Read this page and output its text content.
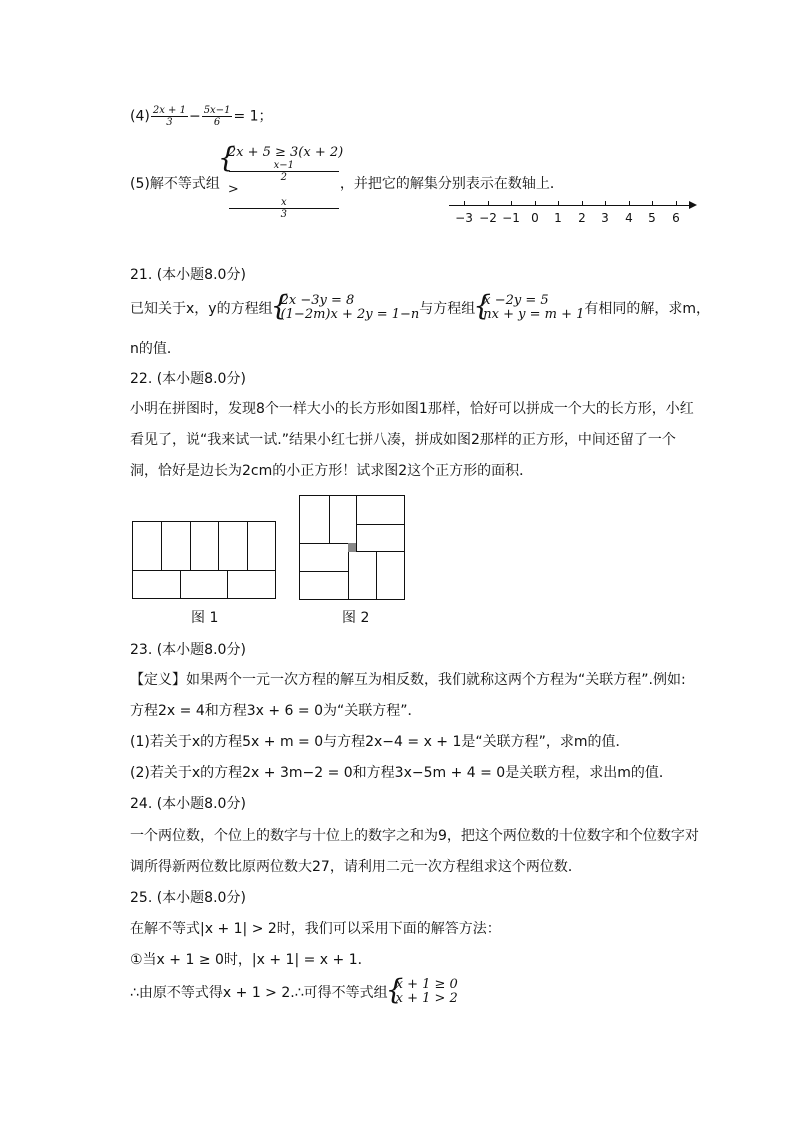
$(4) \frac{2x + 1}{3} - \frac{5x-1}{6} = 1$；
(5)解不等式组
{ 2x + 5 ≥ 3(x + 2)
x−1
2
>
x
3
，并把它的解集分别表示在数轴上．
−3 −2 −1 0 1 2 3 4 5 6
21. (本小题8.0分)
已知关于x，y的方程组
{ 2x −3y = 8
(1−2m)x + 2y = 1−n 与方程组
{ x −2y = 5
nx + y = m + 1 有相同的解，求m，
n的值．
22. (本小题8.0分)
小明在拼图时，发现8个一样大小的长方形如图1那样，恰好可以拼成一个大的长方形，小红
看见了，说“我来试一试.”结果小红七拼八凑，拼成如图2那样的正方形，中间还留了一个
洞，恰好是边长为2cm的小正方形！试求图2这个正方形的面积．
图 1	图 2
23. (本小题8.0分)
【定义】如果两个一元一次方程的解互为相反数，我们就称这两个方程为“关联方程”.例如:
方程2x = 4和方程3x + 6 = 0为“关联方程”．
(1)若关于x的方程5x + m = 0与方程2x−4 = x + 1是“关联方程”，求m的值．
(2)若关于x的方程2x + 3m−2 = 0和方程3x−5m + 4 = 0是关联方程，求出m的值．
24. (本小题8.0分)
一个两位数，个位上的数字与十位上的数字之和为9，把这个两位数的十位数字和个位数字对
调所得新两位数比原两位数大27，请利用二元一次方程组求这个两位数．
25. (本小题8.0分)
在解不等式|x + 1| > 2时，我们可以采用下面的解答方法：
①当x + 1 ≥ 0时，|x + 1| = x + 1．
∴由原不等式得x + 1 > 2.∴可得不等式组
{ x + 1 ≥ 0
x + 1 > 2
